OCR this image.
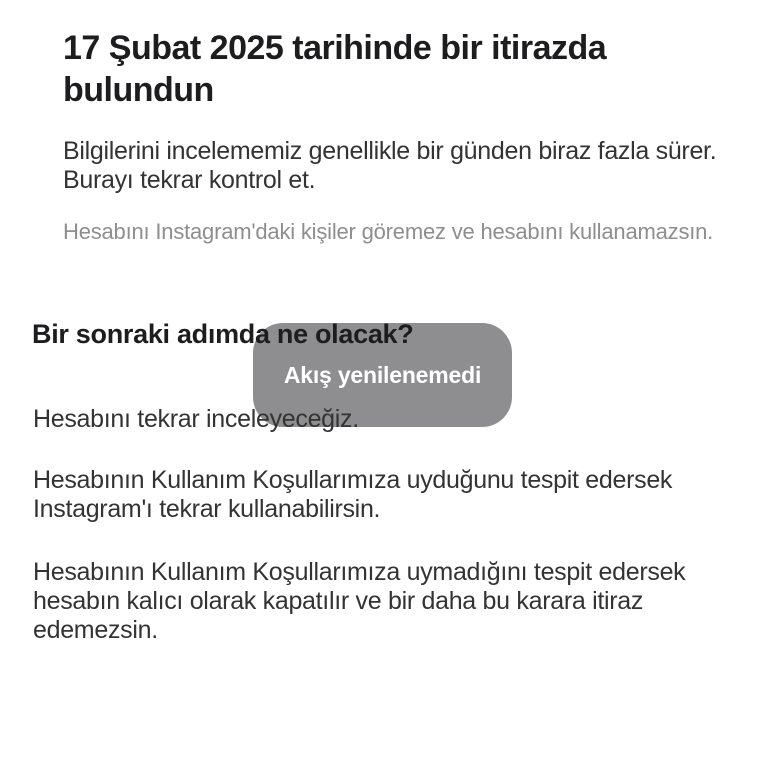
17 Şubat 2025 tarihinde bir itirazda bulundun

Bilgilerini incelememiz genellikle bir günden biraz fazla sürer. Burayı tekrar kontrol et.

Hesabını Instagram'daki kişiler göremez ve hesabını kullanamazsın.

Bir sonraki adımda ne olacak?

Hesabını tekrar inceleyeceğiz.

Hesabının Kullanım Koşullarımıza uyduğunu tespit edersek Instagram'ı tekrar kullanabilirsin.

Hesabının Kullanım Koşullarımıza uymadığını tespit edersek hesabın kalıcı olarak kapatılır ve bir daha bu karara itiraz edemezsin.

Akış yenilenemedi
